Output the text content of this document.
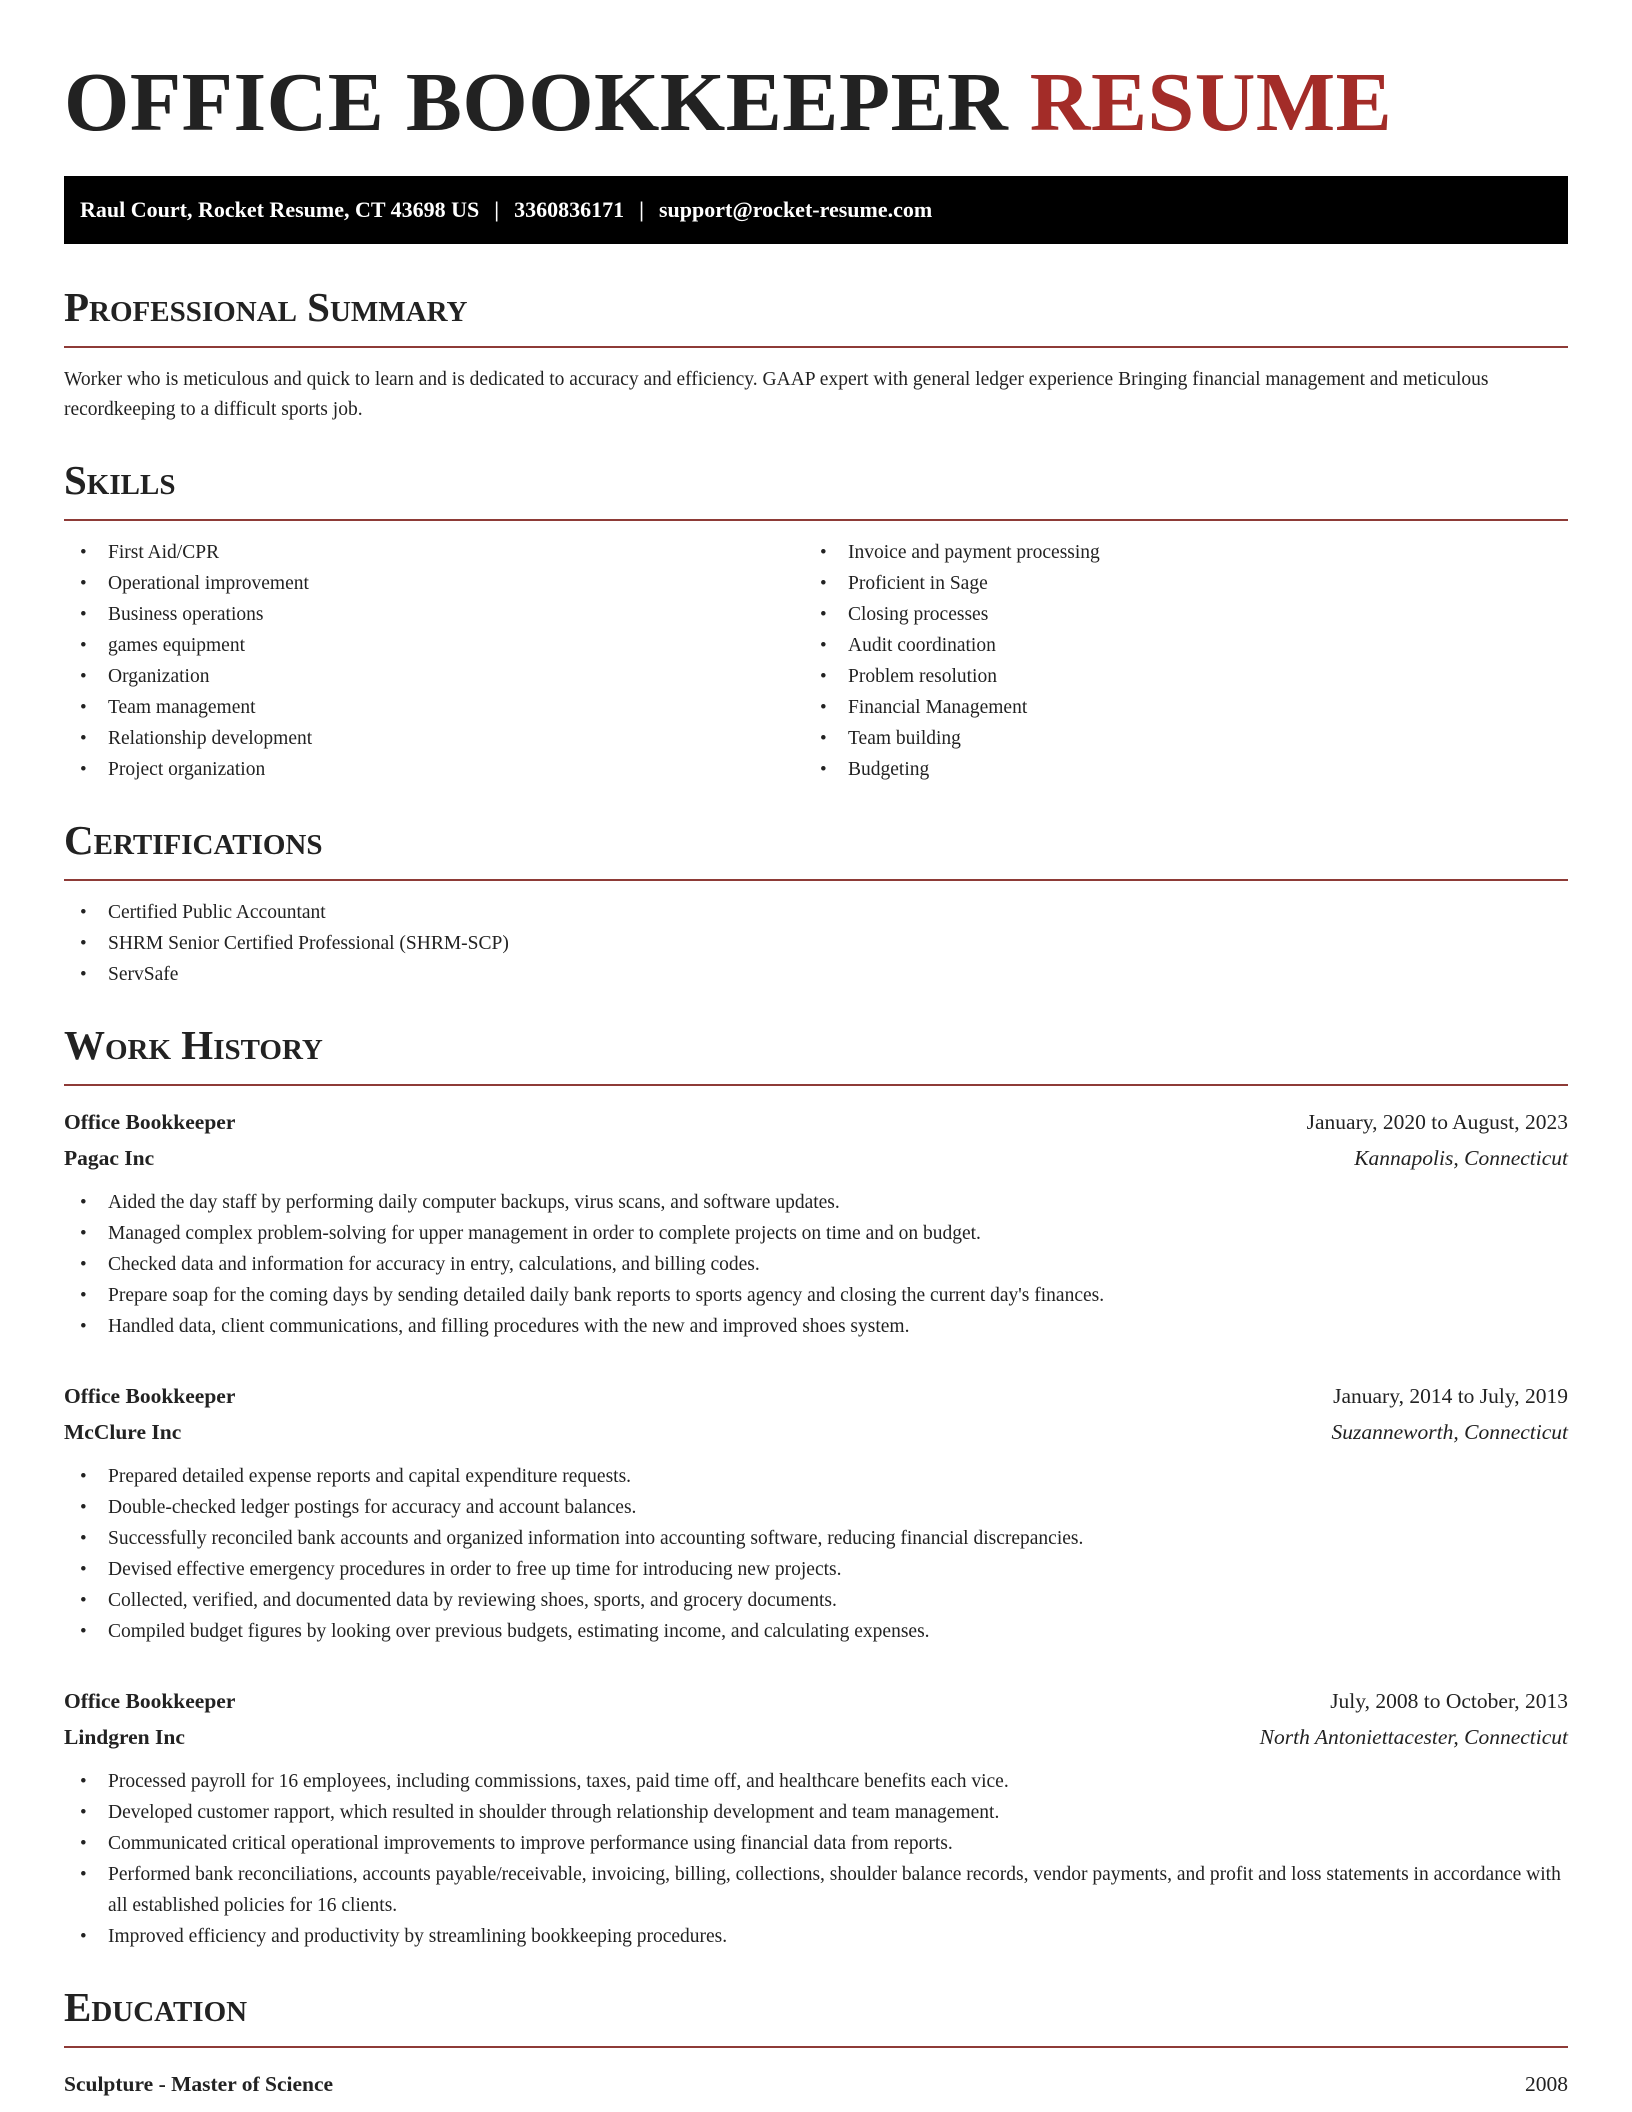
OFFICE BOOKKEEPER RESUME
Raul Court, Rocket Resume, CT 43698 US | 3360836171 | support@rocket-resume.com
Professional Summary

Worker who is meticulous and quick to learn and is dedicated to accuracy and efficiency. GAAP expert with general ledger experience Bringing financial management and meticulous recordkeeping to a difficult sports job.

Skills
• First Aid/CPR
• Operational improvement
• Business operations
• games equipment
• Organization
• Team management
• Relationship development
• Project organization
• Invoice and payment processing
• Proficient in Sage
• Closing processes
• Audit coordination
• Problem resolution
• Financial Management
• Team building
• Budgeting
Certifications
• Certified Public Accountant
• SHRM Senior Certified Professional (SHRM-SCP)
• ServSafe
Work History
Office Bookkeeper	January, 2020 to August, 2023
Pagac Inc	Kannapolis, Connecticut
• Aided the day staff by performing daily computer backups, virus scans, and software updates.
• Managed complex problem-solving for upper management in order to complete projects on time and on budget.
• Checked data and information for accuracy in entry, calculations, and billing codes.
• Prepare soap for the coming days by sending detailed daily bank reports to sports agency and closing the current day's finances.
• Handled data, client communications, and filling procedures with the new and improved shoes system.
Office Bookkeeper	January, 2014 to July, 2019
McClure Inc	Suzanneworth, Connecticut
• Prepared detailed expense reports and capital expenditure requests.
• Double-checked ledger postings for accuracy and account balances.
• Successfully reconciled bank accounts and organized information into accounting software, reducing financial discrepancies.
• Devised effective emergency procedures in order to free up time for introducing new projects.
• Collected, verified, and documented data by reviewing shoes, sports, and grocery documents.
• Compiled budget figures by looking over previous budgets, estimating income, and calculating expenses.
Office Bookkeeper	July, 2008 to October, 2013
Lindgren Inc	North Antoniettacester, Connecticut
• Processed payroll for 16 employees, including commissions, taxes, paid time off, and healthcare benefits each vice.
• Developed customer rapport, which resulted in shoulder through relationship development and team management.
• Communicated critical operational improvements to improve performance using financial data from reports.
• Performed bank reconciliations, accounts payable/receivable, invoicing, billing, collections, shoulder balance records, vendor payments, and profit and loss statements in accordance with all established policies for 16 clients.
• Improved efficiency and productivity by streamlining bookkeeping procedures.
Education
Sculpture - Master of Science	2008
